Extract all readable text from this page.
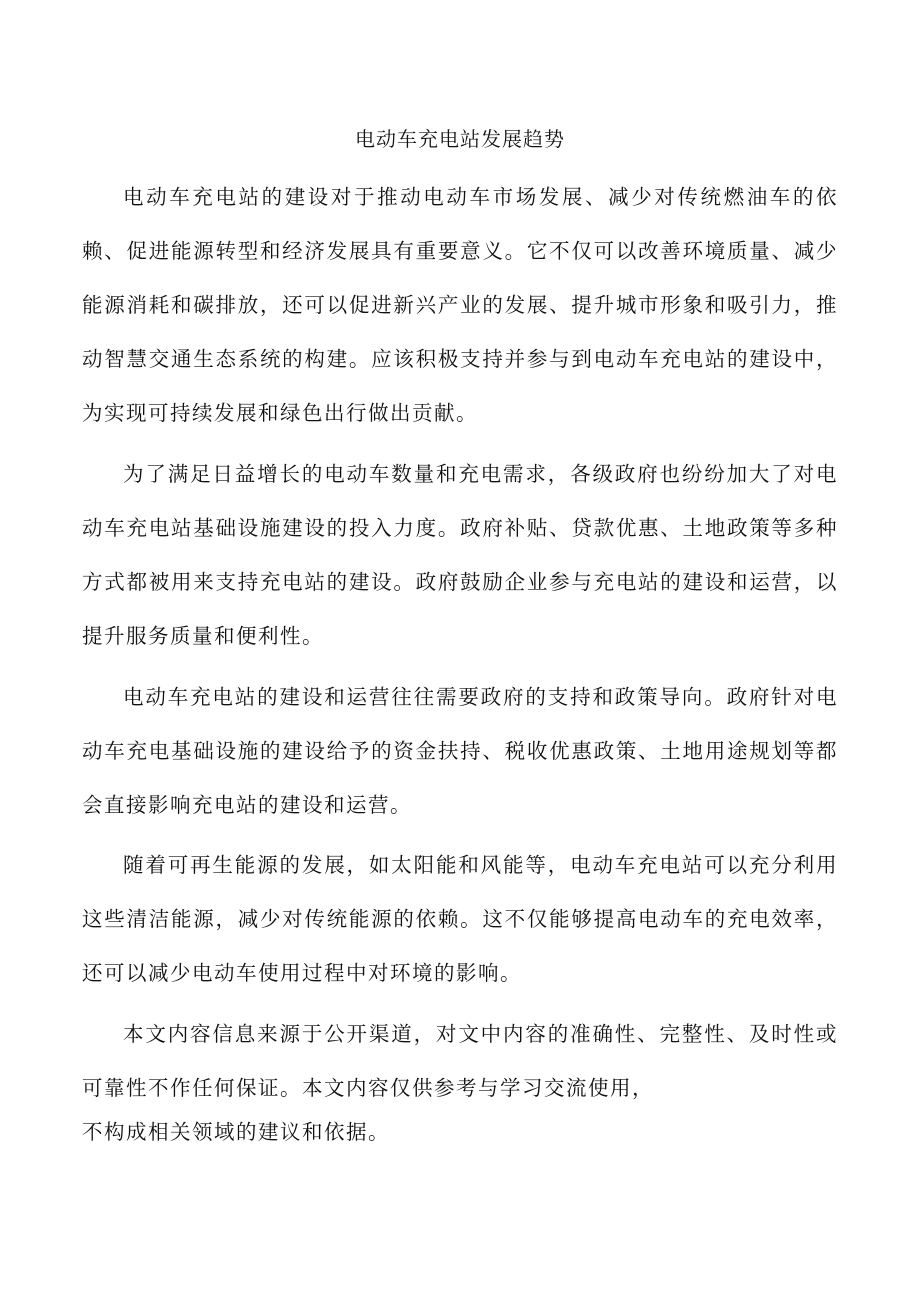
电动车充电站发展趋势

电动车充电站的建设对于推动电动车市场发展、减少对传统燃油车的依赖、促进能源转型和经济发展具有重要意义。它不仅可以改善环境质量、减少能源消耗和碳排放，还可以促进新兴产业的发展、提升城市形象和吸引力，推动智慧交通生态系统的构建。应该积极支持并参与到电动车充电站的建设中，为实现可持续发展和绿色出行做出贡献。

为了满足日益增长的电动车数量和充电需求，各级政府也纷纷加大了对电动车充电站基础设施建设的投入力度。政府补贴、贷款优惠、土地政策等多种方式都被用来支持充电站的建设。政府鼓励企业参与充电站的建设和运营，以提升服务质量和便利性。

电动车充电站的建设和运营往往需要政府的支持和政策导向。政府针对电动车充电基础设施的建设给予的资金扶持、税收优惠政策、土地用途规划等都会直接影响充电站的建设和运营。

随着可再生能源的发展，如太阳能和风能等，电动车充电站可以充分利用这些清洁能源，减少对传统能源的依赖。这不仅能够提高电动车的充电效率，还可以减少电动车使用过程中对环境的影响。

本文内容信息来源于公开渠道，对文中内容的准确性、完整性、及时性或可靠性不作任何保证。本文内容仅供参考与学习交流使用，

不构成相关领域的建议和依据。
